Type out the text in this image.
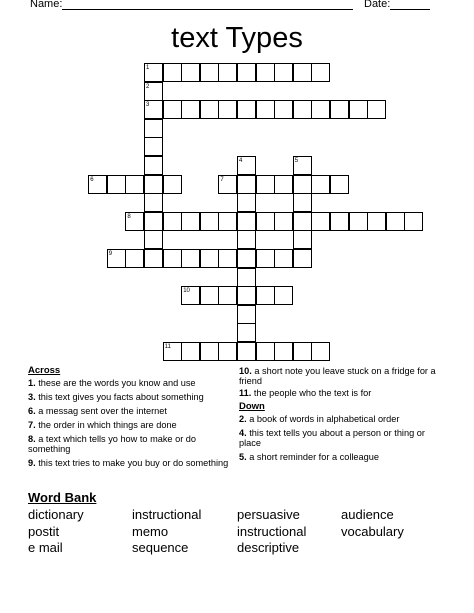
Name:	Date:
text Types
1
3
6	7
8
9
10
11
2
4	5
Across
1. these are the words you know and use
3. this text gives you facts about something
6. a messag sent over the internet
7. the order in which things are done
8. a text which tells yo how to make or do something
9. this text tries to make you buy or do something
10. a short note you leave stuck on a fridge for a friend
11. the people who the text is for
Down
2. a book of words in alphabetical order
4. this text tells you about a person or thing or place
5. a short reminder for a colleague
Word Bank
dictionary	instructional	persuasive	audience
postit	memo	instructional	vocabulary
e mail	sequence	descriptive
